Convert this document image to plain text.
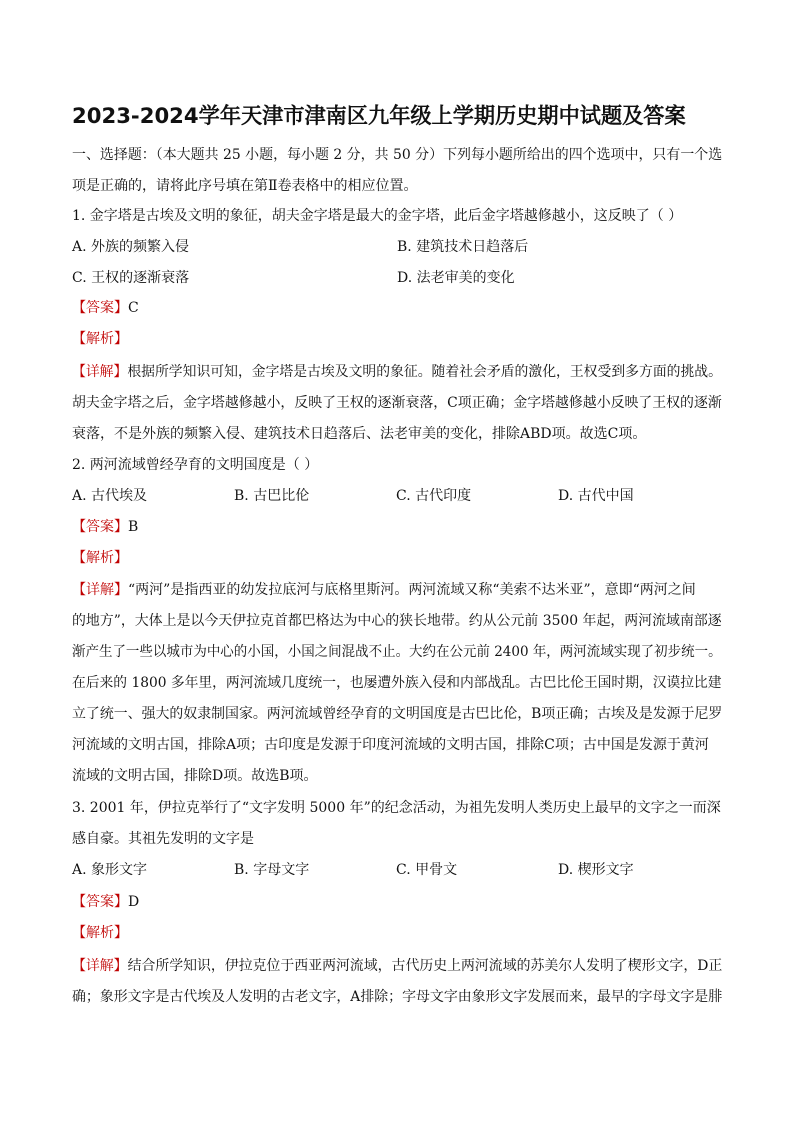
2023-2024学年天津市津南区九年级上学期历史期中试题及答案
一、选择题：（本大题共 25 小题，每小题 2 分，共 50 分）下列每小题所给出的四个选项中，只有一个选
项是正确的，请将此序号填在第Ⅱ卷表格中的相应位置。
1. 金字塔是古埃及文明的象征，胡夫金字塔是最大的金字塔，此后金字塔越修越小，这反映了（ ）
A. 外族的频繁入侵	B. 建筑技术日趋落后
C. 王权的逐渐衰落	D. 法老审美的变化
【答案】C
【解析】
【详解】根据所学知识可知，金字塔是古埃及文明的象征。随着社会矛盾的激化，王权受到多方面的挑战。
胡夫金字塔之后，金字塔越修越小，反映了王权的逐渐衰落，C项正确；金字塔越修越小反映了王权的逐渐
衰落，不是外族的频繁入侵、建筑技术日趋落后、法老审美的变化，排除ABD项。故选C项。
2. 两河流域曾经孕育的文明国度是（ ）
A. 古代埃及	B. 古巴比伦	C. 古代印度	D. 古代中国
【答案】B
【解析】
【详解】“两河”是指西亚的幼发拉底河与底格里斯河。两河流域又称“美索不达米亚”，意即“两河之间
的地方”，大体上是以今天伊拉克首都巴格达为中心的狭长地带。约从公元前 3500 年起，两河流域南部逐
渐产生了一些以城市为中心的小国，小国之间混战不止。大约在公元前 2400 年，两河流域实现了初步统一。
在后来的 1800 多年里，两河流域几度统一，也屡遭外族入侵和内部战乱。古巴比伦王国时期，汉谟拉比建
立了统一、强大的奴隶制国家。两河流域曾经孕育的文明国度是古巴比伦，B项正确；古埃及是发源于尼罗
河流域的文明古国，排除A项；古印度是发源于印度河流域的文明古国，排除C项；古中国是发源于黄河
流域的文明古国，排除D项。故选B项。
3. 2001 年，伊拉克举行了“文字发明 5000 年”的纪念活动，为祖先发明人类历史上最早的文字之一而深
感自豪。其祖先发明的文字是
A. 象形文字	B. 字母文字	C. 甲骨文	D. 楔形文字
【答案】D
【解析】
【详解】结合所学知识，伊拉克位于西亚两河流域，古代历史上两河流域的苏美尔人发明了楔形文字，D正
确；象形文字是古代埃及人发明的古老文字，A排除；字母文字由象形文字发展而来，最早的字母文字是腓
